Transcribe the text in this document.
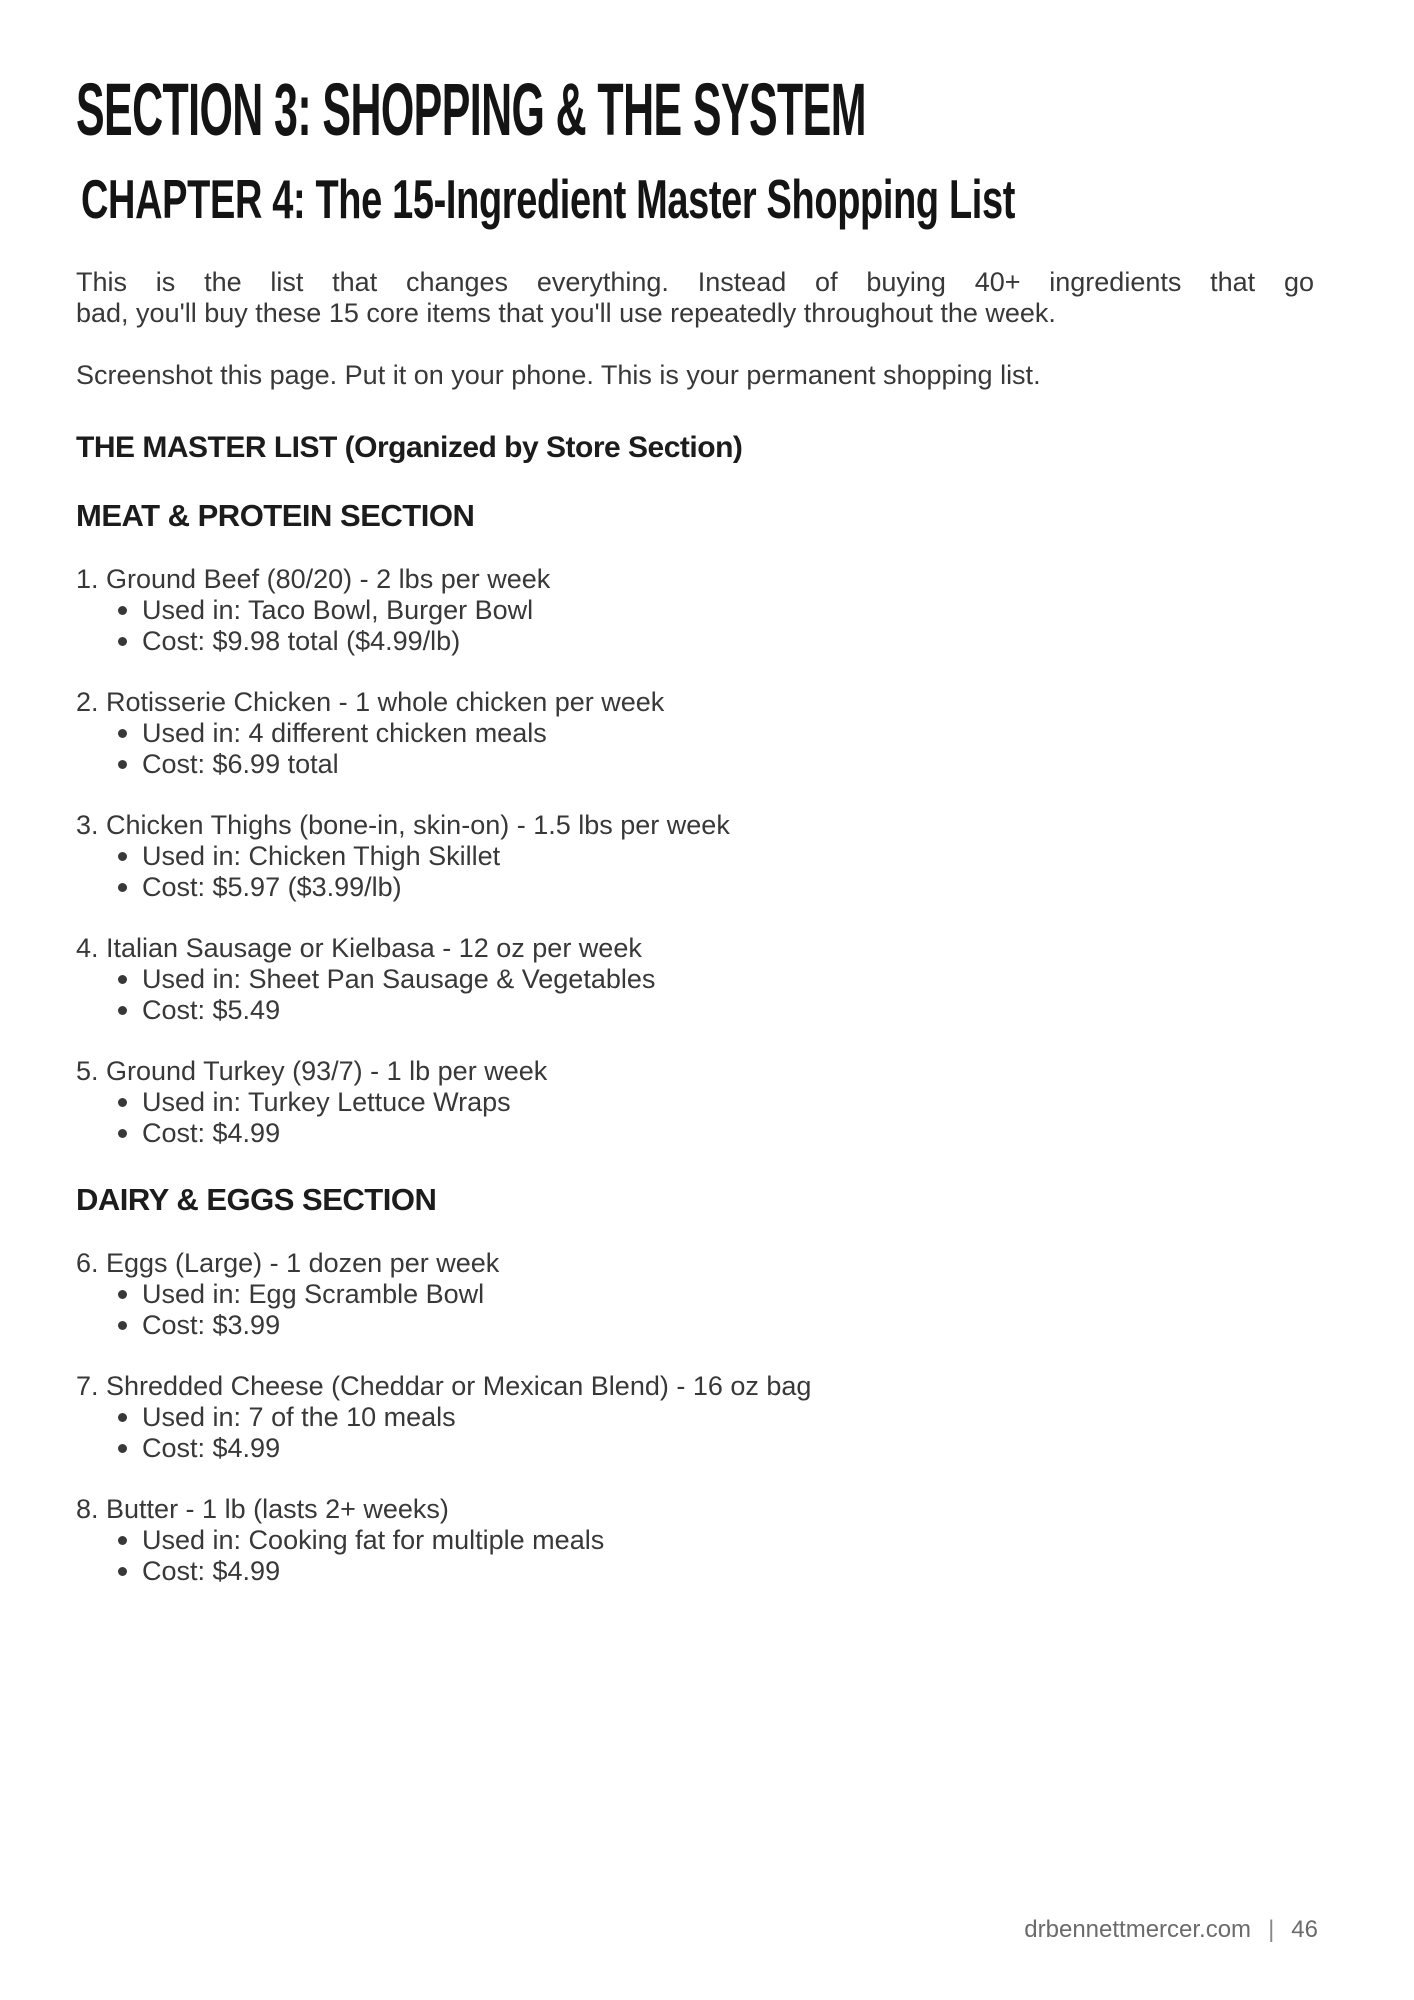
SECTION 3: SHOPPING & THE SYSTEM
CHAPTER 4: The 15-Ingredient Master Shopping List

This is the list that changes everything. Instead of buying 40+ ingredients that go
bad, you'll buy these 15 core items that you'll use repeatedly throughout the week.

Screenshot this page. Put it on your phone. This is your permanent shopping list.

THE MASTER LIST (Organized by Store Section)
MEAT & PROTEIN SECTION
1. Ground Beef (80/20) - 2 lbs per week
Used in: Taco Bowl, Burger Bowl
Cost: $9.98 total ($4.99/lb)
2. Rotisserie Chicken - 1 whole chicken per week
Used in: 4 different chicken meals
Cost: $6.99 total
3. Chicken Thighs (bone-in, skin-on) - 1.5 lbs per week
Used in: Chicken Thigh Skillet
Cost: $5.97 ($3.99/lb)
4. Italian Sausage or Kielbasa - 12 oz per week
Used in: Sheet Pan Sausage & Vegetables
Cost: $5.49
5. Ground Turkey (93/7) - 1 lb per week
Used in: Turkey Lettuce Wraps
Cost: $4.99
DAIRY & EGGS SECTION
6. Eggs (Large) - 1 dozen per week
Used in: Egg Scramble Bowl
Cost: $3.99
7. Shredded Cheese (Cheddar or Mexican Blend) - 16 oz bag
Used in: 7 of the 10 meals
Cost: $4.99
8. Butter - 1 lb (lasts 2+ weeks)
Used in: Cooking fat for multiple meals
Cost: $4.99
drbennettmercer.com | 46
